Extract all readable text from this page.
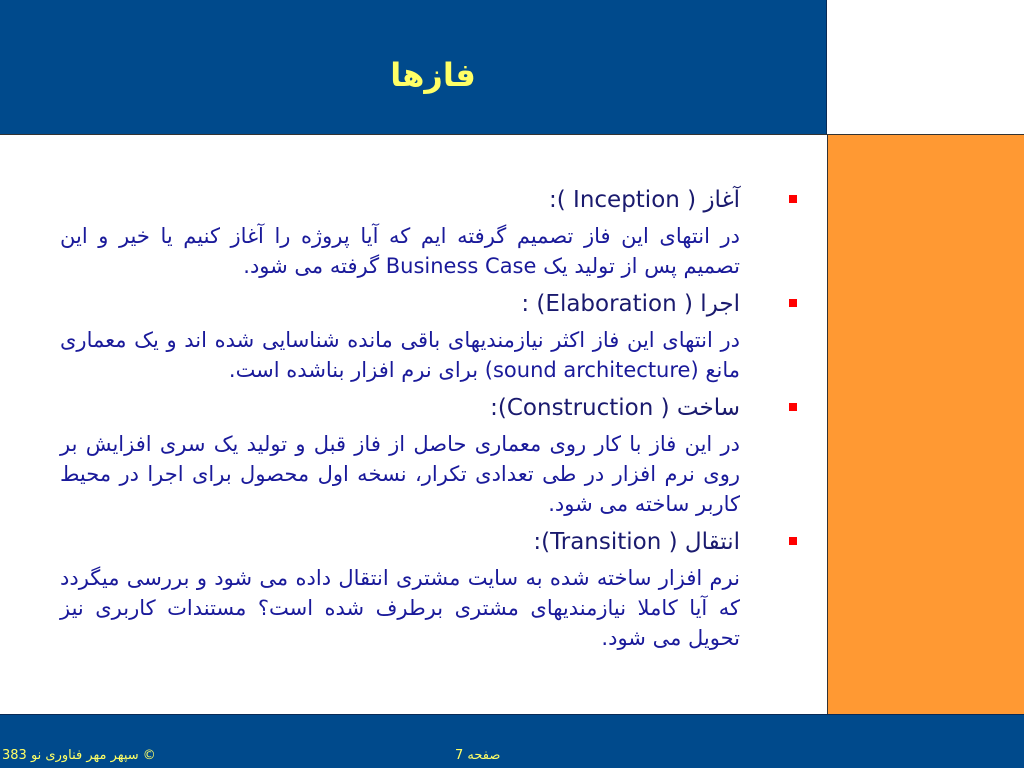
فازها

آغاز ( Inception ):

در انتهای این فاز تصمیم گرفته ایم که آیا پروژه را آغاز کنیم یا خیر و این تصمیم پس از تولید یک Business Case گرفته می شود.

اجرا ( Elaboration) :

در انتهای این فاز اکثر نیازمندیهای باقی مانده شناسایی شده اند و یک معماری مانع (sound architecture) برای نرم افزار بناشده است.

ساخت ( Construction):

در این فاز با کار روی معماری حاصل از فاز قبل و تولید یک سری افزایش بر روی نرم افزار در طی تعدادی تکرار، نسخه اول محصول برای اجرا در محیط کاربر ساخته می شود.

انتقال ( Transition):

نرم افزار ساخته شده به سایت مشتری انتقال داده می شود و بررسی میگردد که آیا کاملا نیازمندیهای مشتری برطرف شده است؟ مستندات کاربری نیز تحویل می شود.

© سپهر مهر فناوری نو 383	صفحه 7
